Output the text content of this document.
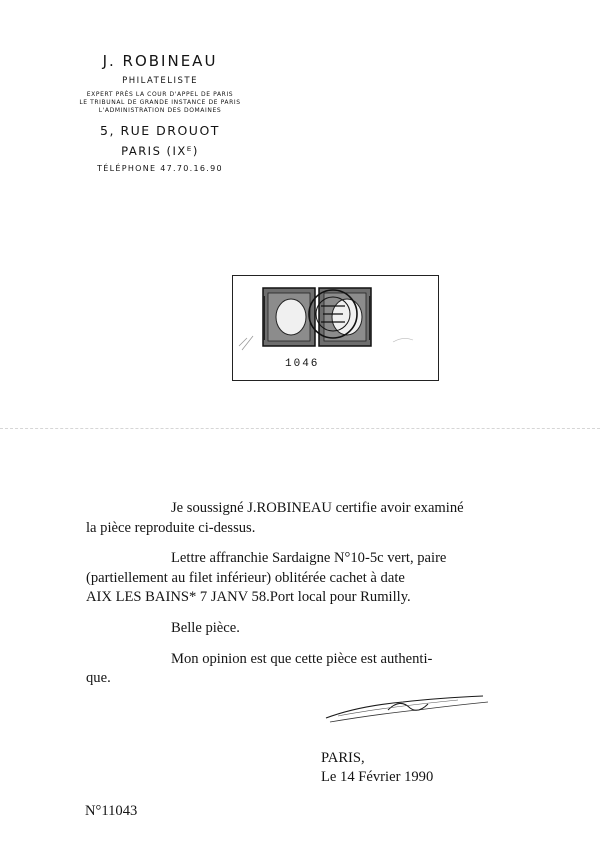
J. ROBINEAU
PHILATELISTE
EXPERT PRÈS LA COUR D'APPEL DE PARIS
LE TRIBUNAL DE GRANDE INSTANCE DE PARIS
L'ADMINISTRATION DES DOMAINES
5, RUE DROUOT
PARIS (IXᴱ)
TÉLÉPHONE 47.70.16.90
1046
Je soussigné J.ROBINEAU certifie avoir examiné
la pièce reproduite ci-dessus.
Lettre affranchie Sardaigne N°10-5c vert, paire
(partiellement au filet inférieur) oblitérée cachet à date
AIX LES BAINS* 7 JANV 58.Port local pour Rumilly.
Belle pièce.
Mon opinion est que cette pièce est authenti-
que.
PARIS,
Le 14 Février 1990
N°11043
